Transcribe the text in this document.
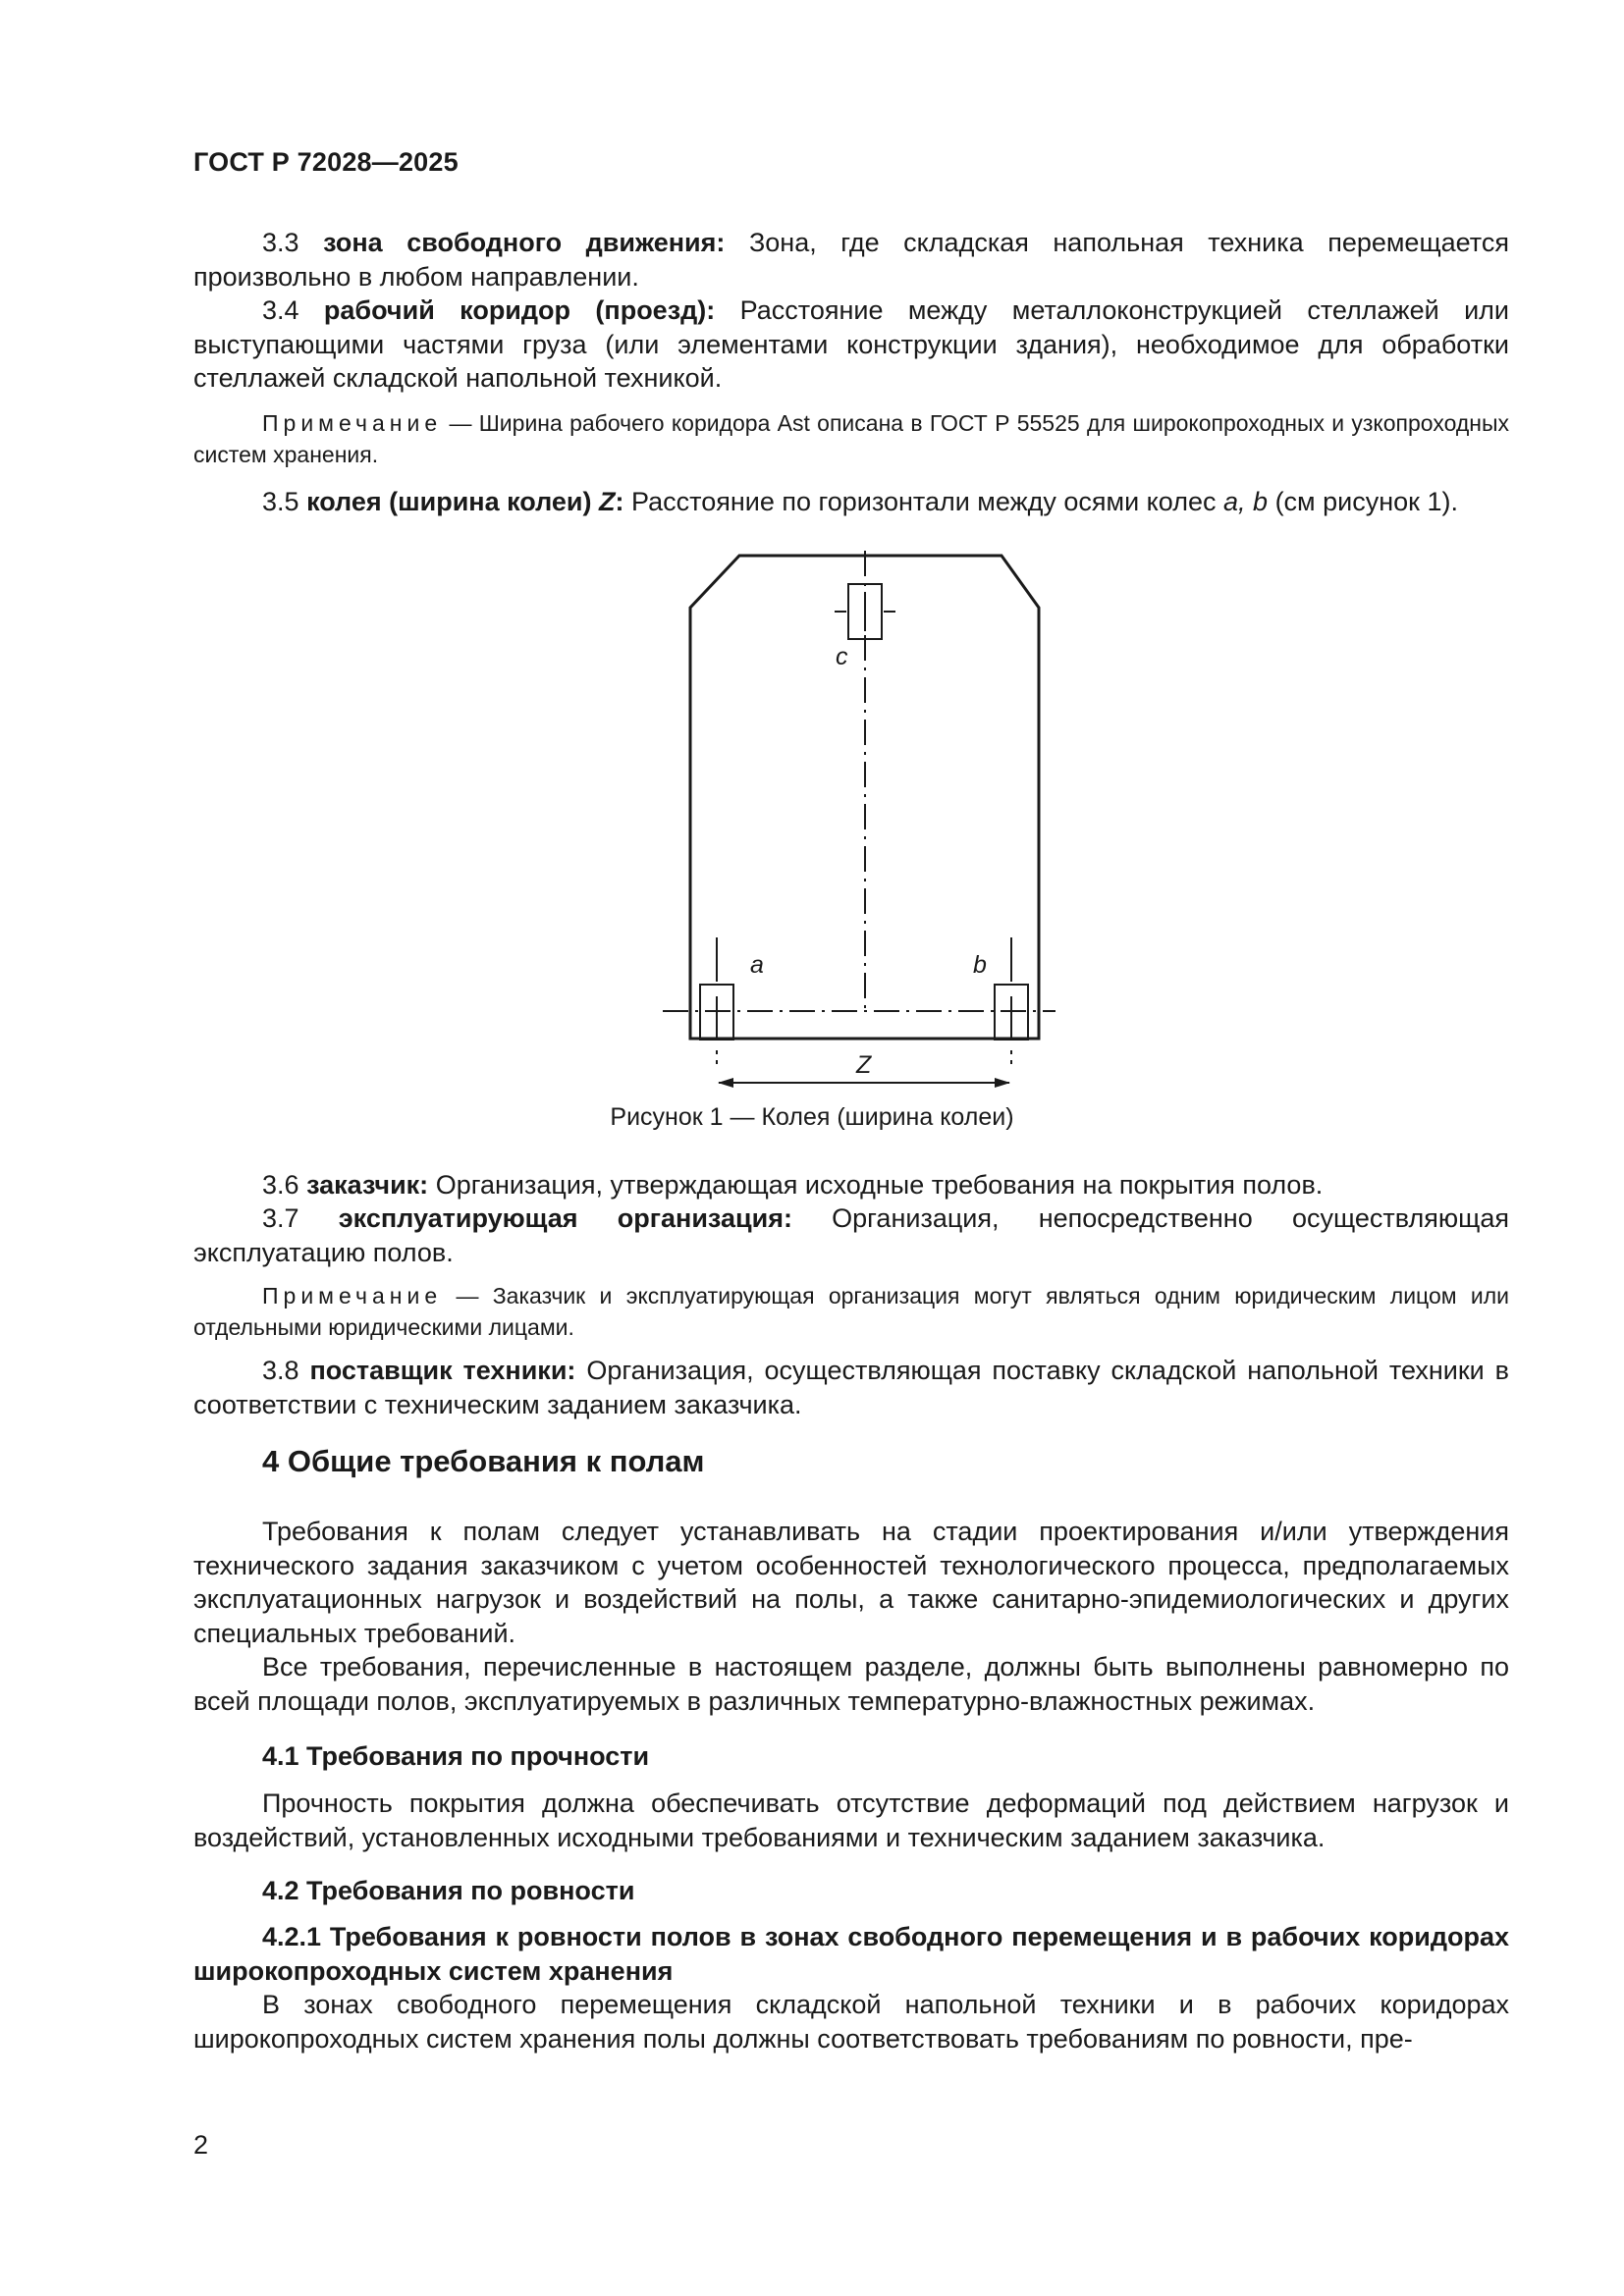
ГОСТ Р 72028—2025

3.3 зона свободного движения: Зона, где складская напольная техника перемещается произвольно в любом направлении.

3.4 рабочий коридор (проезд): Расстояние между металлоконструкцией стеллажей или выступающими частями груза (или элементами конструкции здания), необходимое для обработки стеллажей складской напольной техникой.

Примечание — Ширина рабочего коридора Ast описана в ГОСТ Р 55525 для широкопроходных и узкопроходных систем хранения.

3.5 колея (ширина колеи) Z: Расстояние по горизонтали между осями колес a, b (см рисунок 1).

c
a	b
Z

Рисунок 1 — Колея (ширина колеи)

3.6 заказчик: Организация, утверждающая исходные требования на покрытия полов.

3.7 эксплуатирующая организация: Организация, непосредственно осуществляющая эксплуатацию полов.

Примечание — Заказчик и эксплуатирующая организация могут являться одним юридическим лицом или отдельными юридическими лицами.

3.8 поставщик техники: Организация, осуществляющая поставку складской напольной техники в соответствии с техническим заданием заказчика.

4 Общие требования к полам

Требования к полам следует устанавливать на стадии проектирования и/или утверждения технического задания заказчиком с учетом особенностей технологического процесса, предполагаемых эксплуатационных нагрузок и воздействий на полы, а также санитарно-эпидемиологических и других специальных требований.

Все требования, перечисленные в настоящем разделе, должны быть выполнены равномерно по всей площади полов, эксплуатируемых в различных температурно-влажностных режимах.

4.1 Требования по прочности

Прочность покрытия должна обеспечивать отсутствие деформаций под действием нагрузок и воздействий, установленных исходными требованиями и техническим заданием заказчика.

4.2 Требования по ровности

4.2.1 Требования к ровности полов в зонах свободного перемещения и в рабочих коридорах широкопроходных систем хранения

В зонах свободного перемещения складской напольной техники и в рабочих коридорах широкопроходных систем хранения полы должны соответствовать требованиям по ровности, пре-

2
